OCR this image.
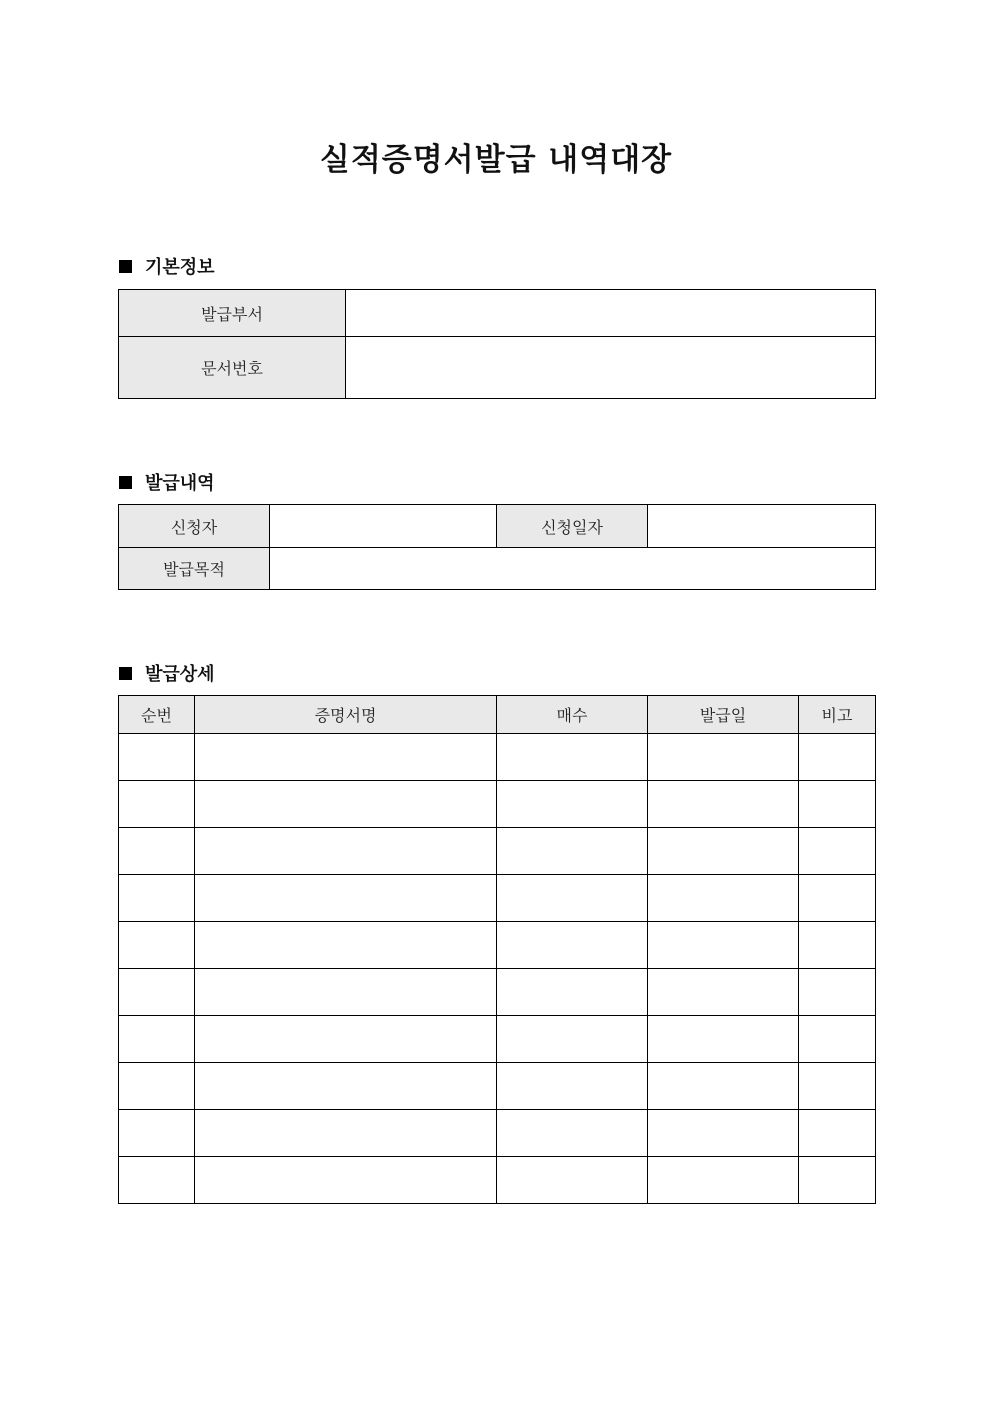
실적증명서발급 내역대장
기본정보
발급부서	
문서번호	
발급내역
신청자		신청일자	
발급목적			
발급상세
순번	증명서명	매수	발급일	비고
